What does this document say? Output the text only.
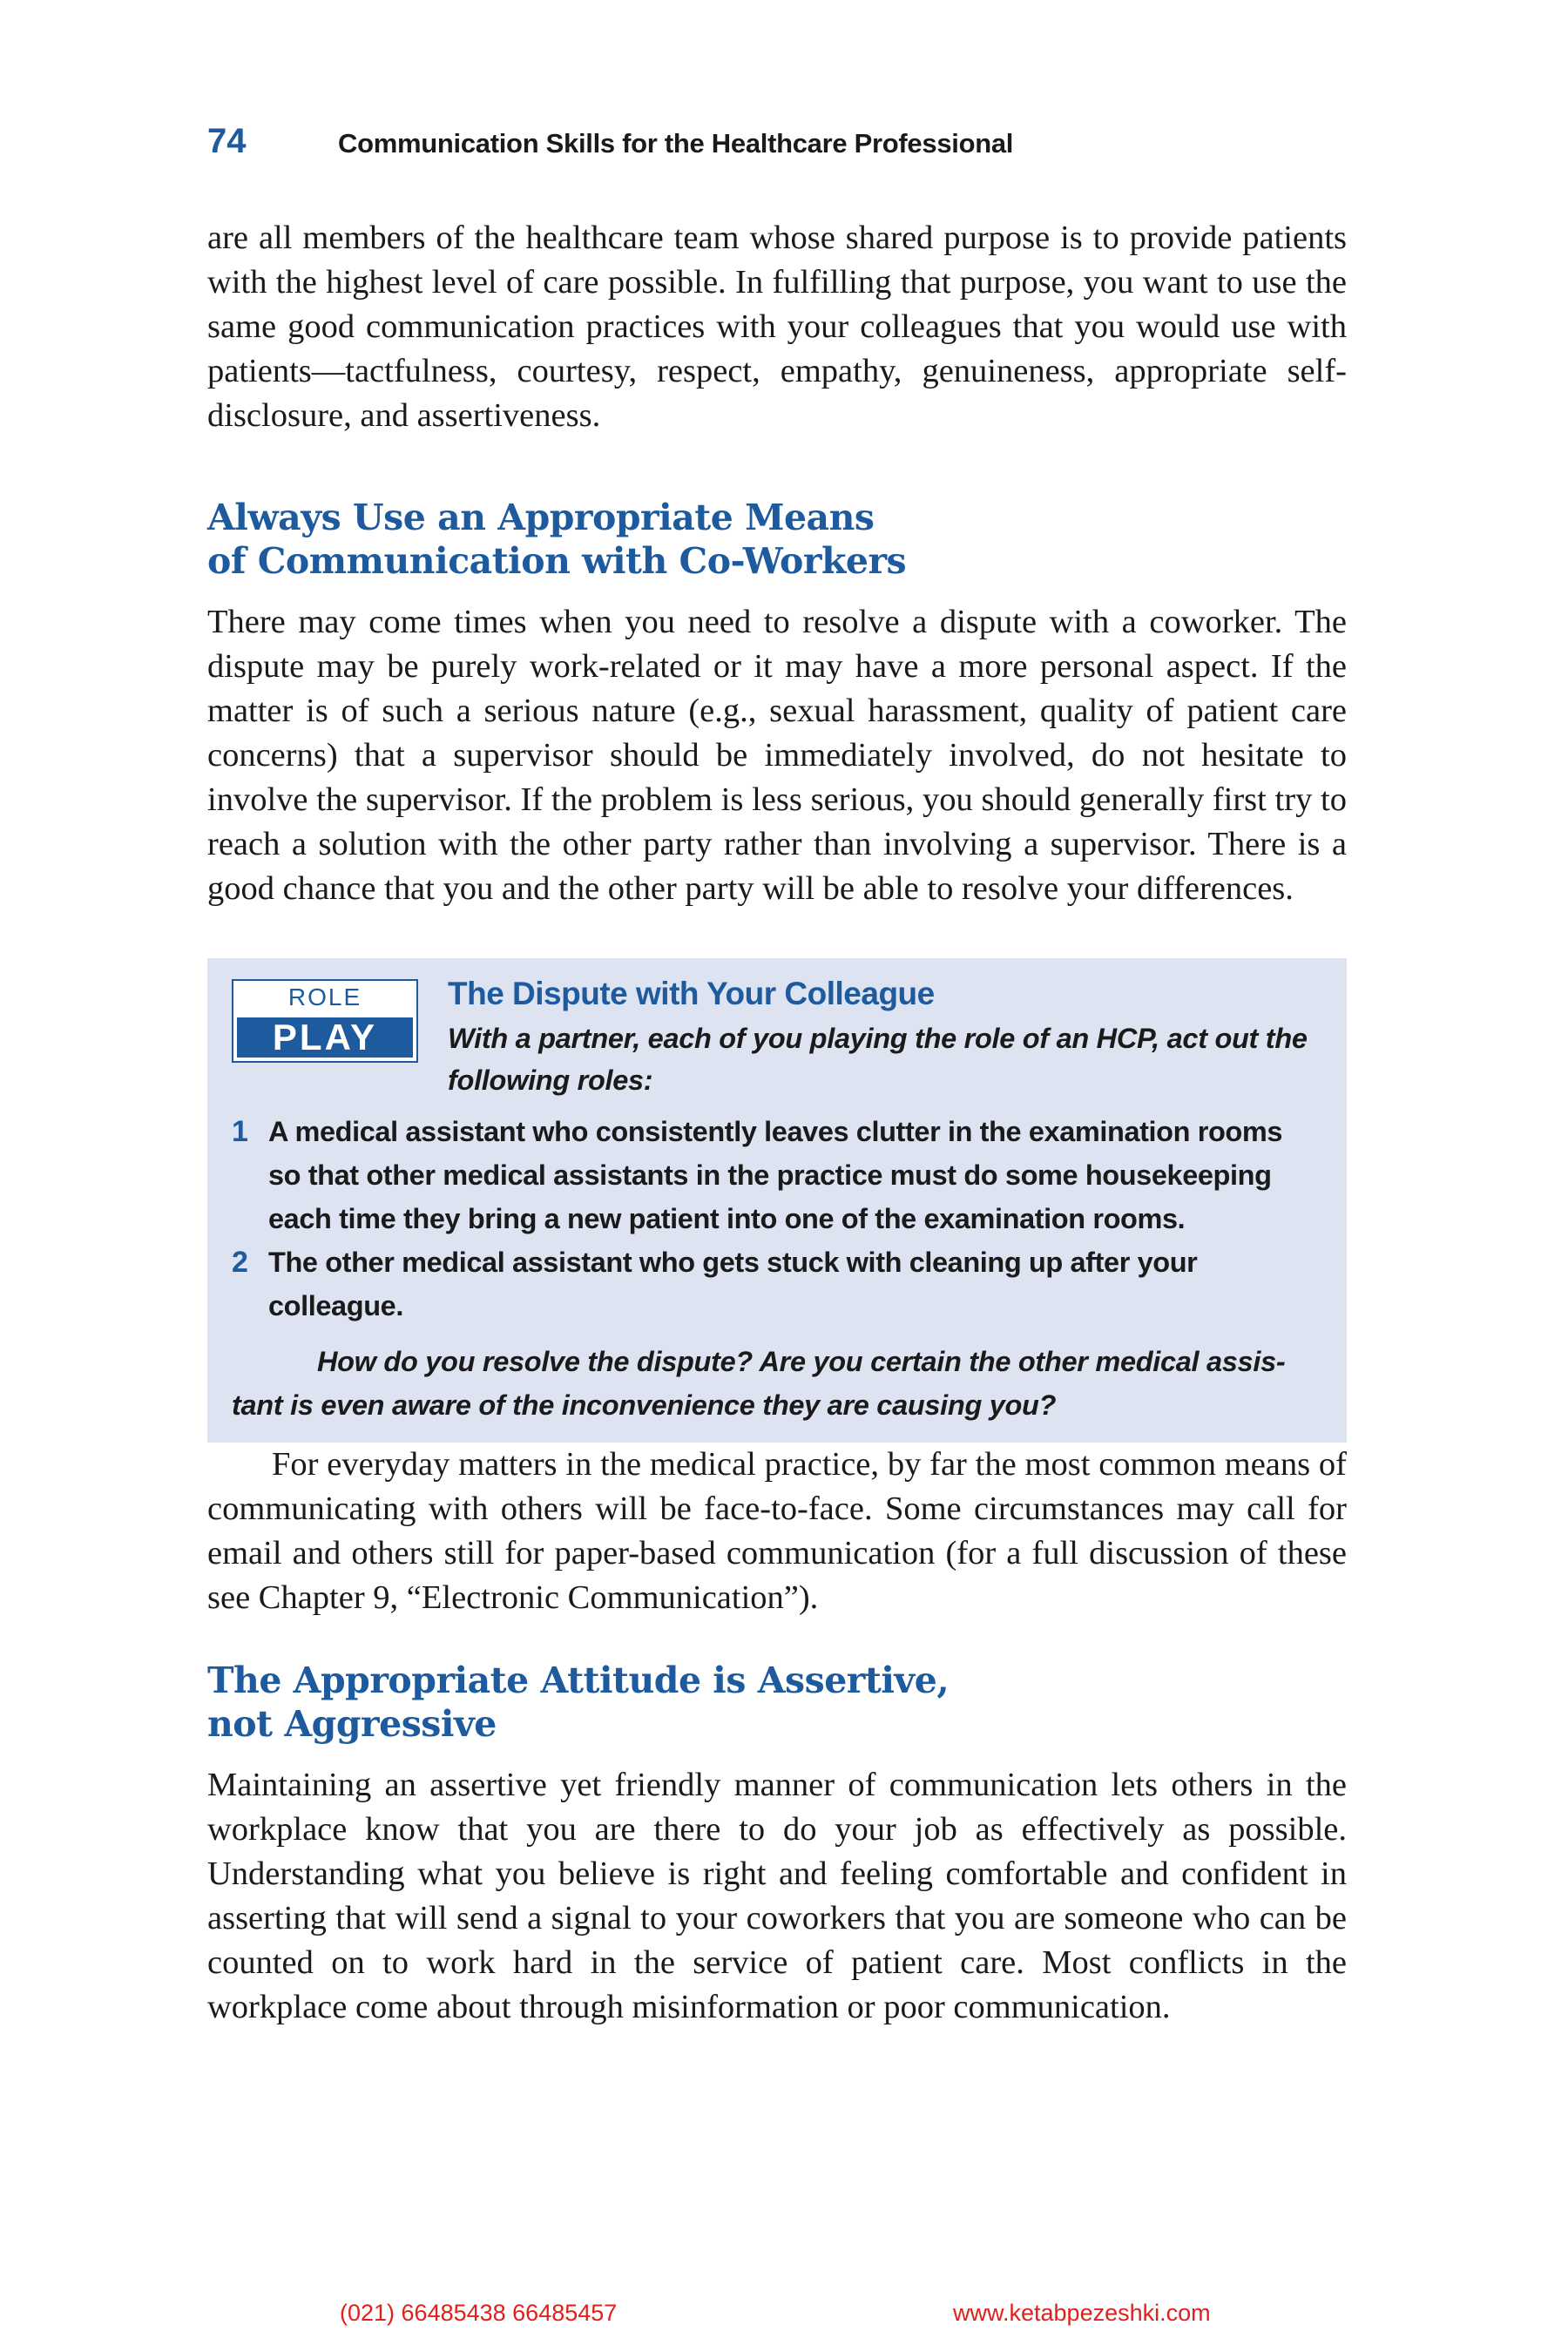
74	Communication Skills for the Healthcare Professional

are all members of the healthcare team whose shared purpose is to provide patients with the highest level of care possible. In fulfilling that purpose, you want to use the same good communication practices with your colleagues that you would use with patients—tactfulness, courtesy, respect, empathy, genuineness, appropriate self-disclosure, and assertiveness.

Always Use an Appropriate Means
of Communication with Co-Workers

There may come times when you need to resolve a dispute with a coworker. The dispute may be purely work-related or it may have a more personal aspect. If the matter is of such a serious nature (e.g., sexual harassment, quality of patient care concerns) that a supervisor should be immediately involved, do not hesitate to involve the supervisor. If the problem is less serious, you should generally first try to reach a solution with the other party rather than involving a supervisor. There is a good chance that you and the other party will be able to resolve your differences.

ROLE
PLAY
The Dispute with Your Colleague
With a partner, each of you playing the role of an HCP, act out the following roles:
1 A medical assistant who consistently leaves clutter in the examination rooms so that other medical assistants in the practice must do some housekeeping each time they bring a new patient into one of the examination rooms.
2 The other medical assistant who gets stuck with cleaning up after your colleague.
How do you resolve the dispute? Are you certain the other medical assistant is even aware of the inconvenience they are causing you?

For everyday matters in the medical practice, by far the most common means of communicating with others will be face-to-face. Some circumstances may call for email and others still for paper-based communication (for a full discussion of these see Chapter 9, “Electronic Communication”).

The Appropriate Attitude is Assertive,
not Aggressive

Maintaining an assertive yet friendly manner of communication lets others in the workplace know that you are there to do your job as effectively as possible. Understanding what you believe is right and feeling comfortable and confident in asserting that will send a signal to your coworkers that you are someone who can be counted on to work hard in the service of patient care. Most conflicts in the workplace come about through misinformation or poor communication.

(021) 66485438 66485457	www.ketabpezeshki.com
